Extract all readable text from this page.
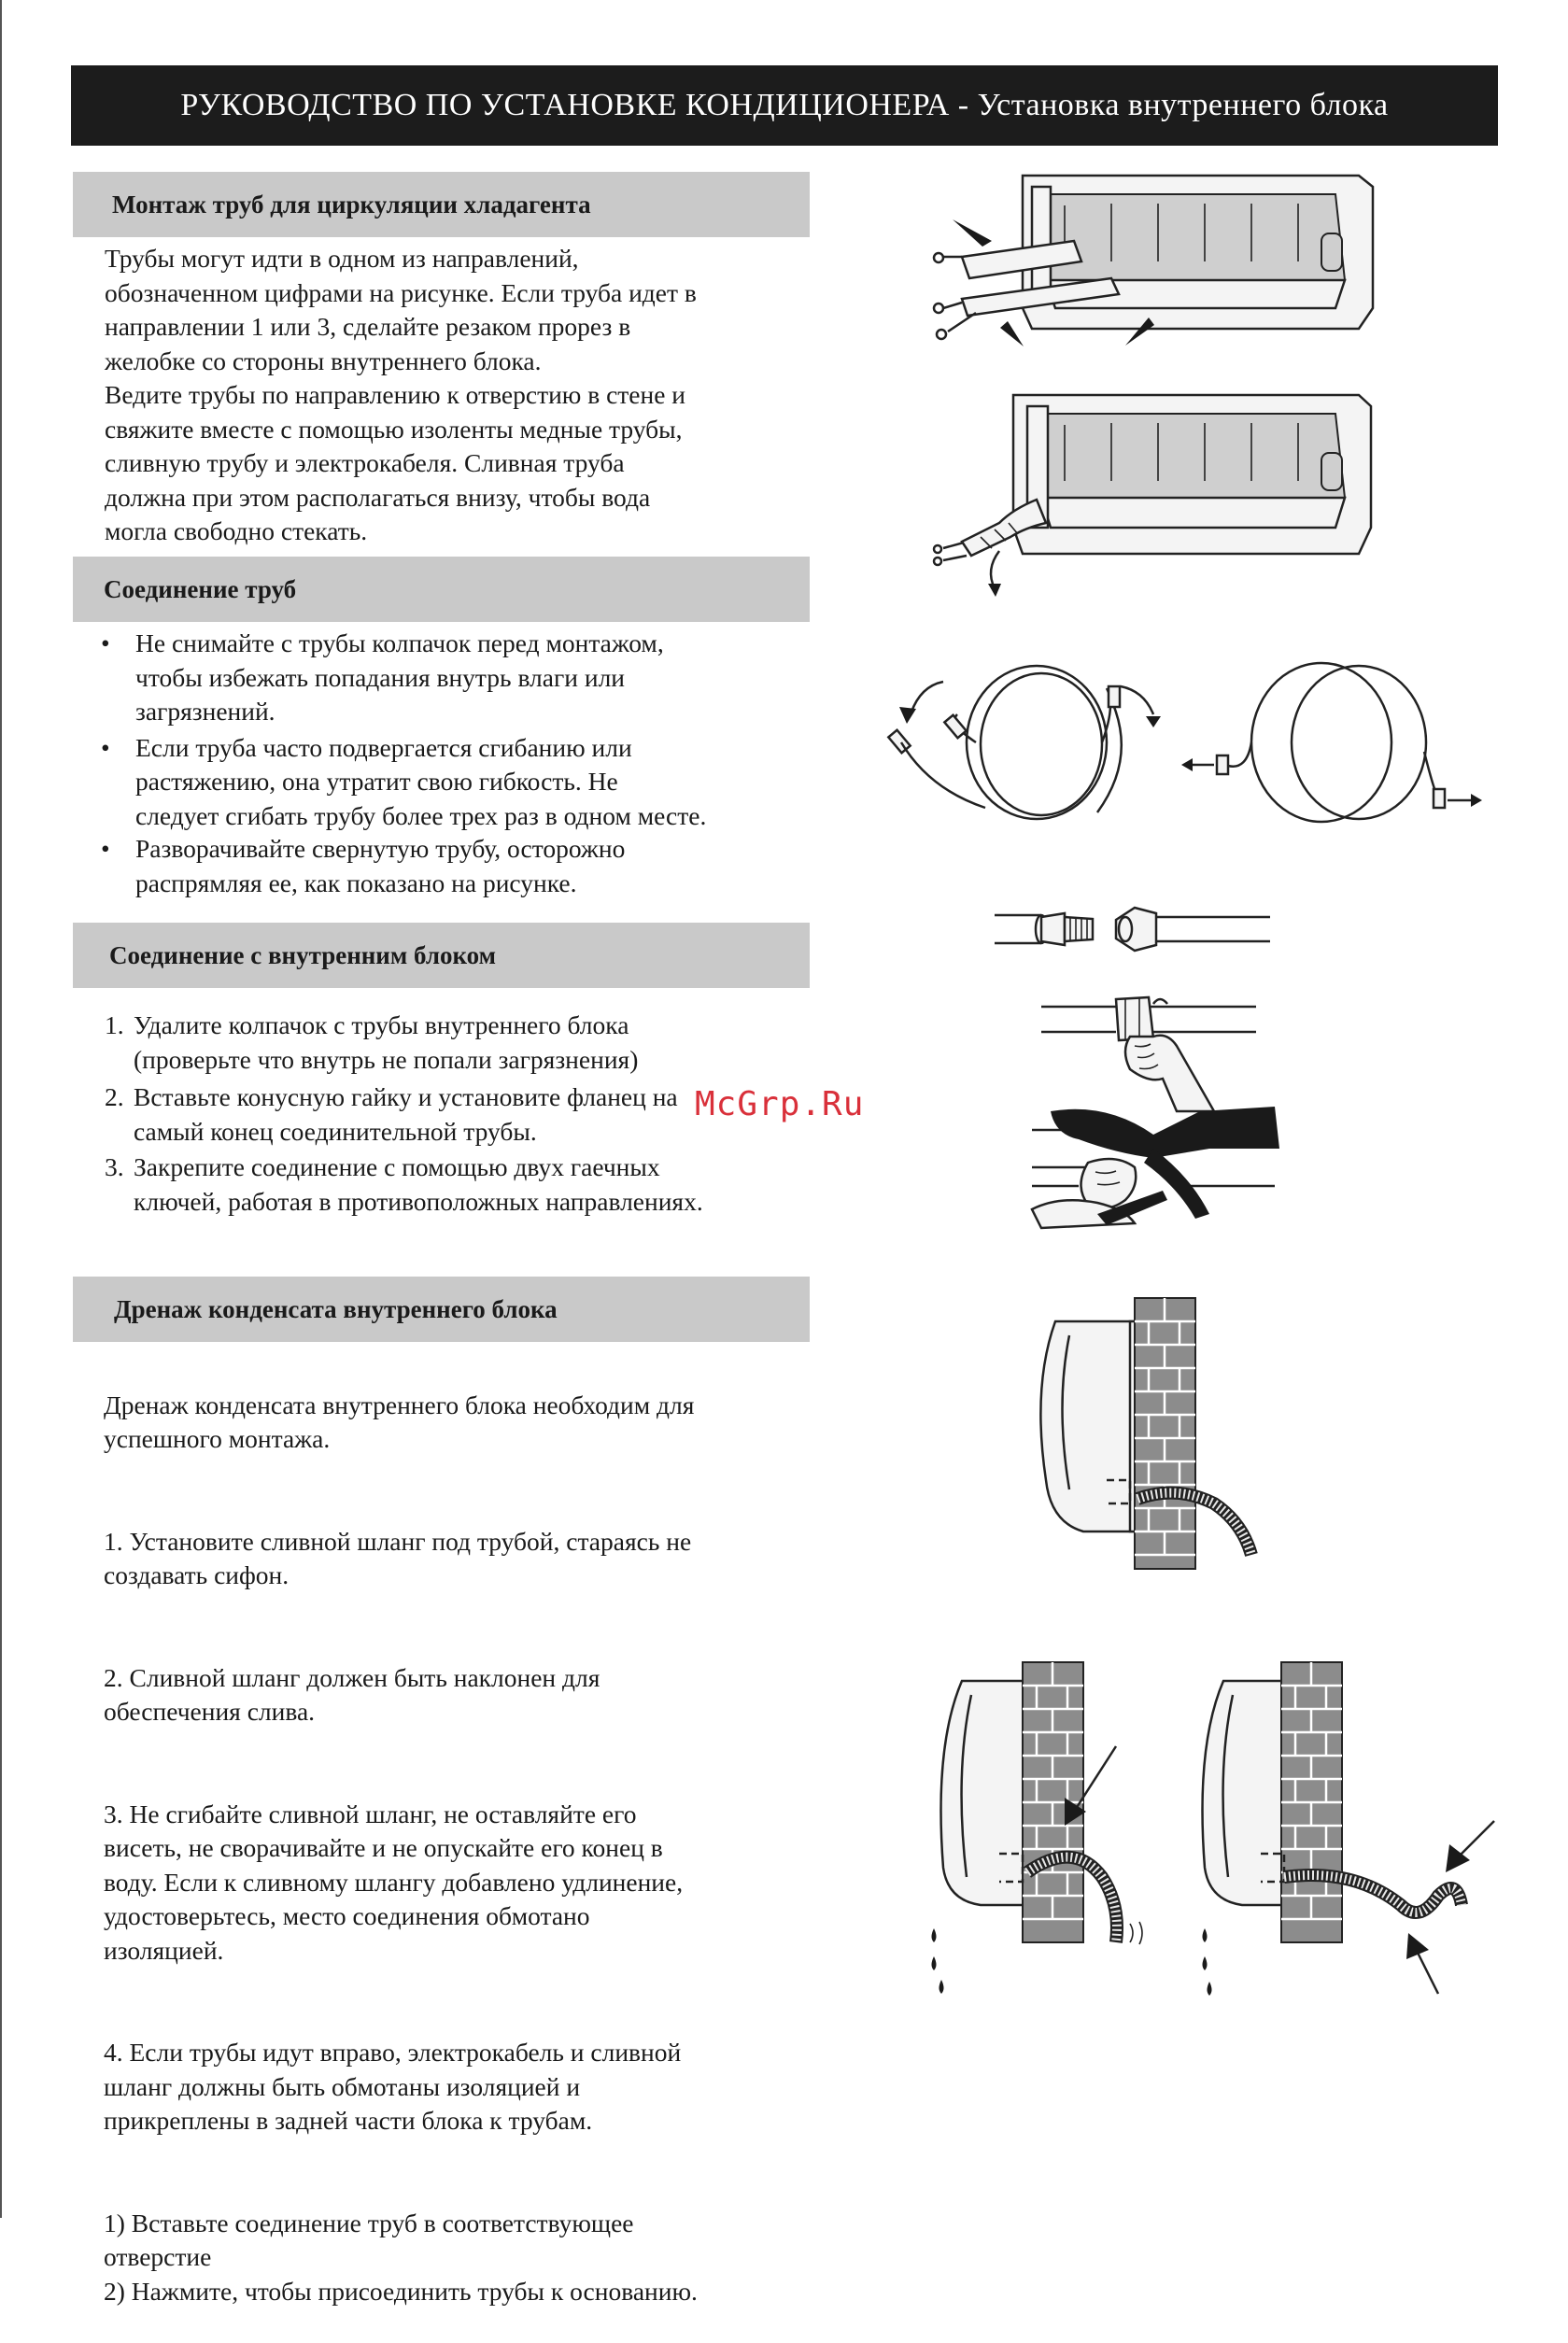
РУКОВОДСТВО ПО УСТАНОВКЕ КОНДИЦИОНЕРА - Установка внутреннего блока
Монтаж труб для циркуляции хладагента
Трубы могут идти в одном из направлений,
обозначенном цифрами на рисунке. Если труба идет в
направлении 1 или 3, сделайте резаком прорез в
желобке со стороны внутреннего блока.
Ведите трубы по направлению к отверстию в стене и
свяжите вместе с помощью изоленты медные трубы,
сливную трубу и электрокабеля. Сливная труба
должна при этом располагаться внизу, чтобы вода
могла свободно стекать.
Соединение труб
• Не снимайте с трубы колпачок перед монтажом,
чтобы избежать попадания внутрь влаги или
загрязнений.
• Если труба часто подвергается сгибанию или
растяжению, она утратит свою гибкость. Не
следует сгибать трубу более трех раз в одном месте.
• Разворачивайте свернутую трубу, осторожно
распрямляя ее, как показано на рисунке.
Соединение с внутренним блоком
1. Удалите колпачок с трубы внутреннего блока
(проверьте что внутрь не попали загрязнения)
2. Вставьте конусную гайку и установите фланец на
самый конец соединительной трубы.
3. Закрепите соединение с помощью двух гаечных
ключей, работая в противоположных направлениях.
Дренаж конденсата внутреннего блока

Дренаж конденсата внутреннего блока необходим для
успешного монтажа.

1. Установите сливной шланг под трубой, стараясь не
создавать сифон.

2. Сливной шланг должен быть наклонен для
обеспечения слива.

3. Не сгибайте сливной шланг, не оставляйте его
висеть, не сворачивайте и не опускайте его конец в
воду. Если к сливному шлангу добавлено удлинение,
удостоверьтесь, место соединения обмотано
изоляцией.

4. Если трубы идут вправо, электрокабель и сливной
шланг должны быть обмотаны изоляцией и
прикреплены в задней части блока к трубам.

1) Вставьте соединение труб в соответствующее
отверстие
2) Нажмите, чтобы присоединить трубы к основанию.

McGrp.Ru
